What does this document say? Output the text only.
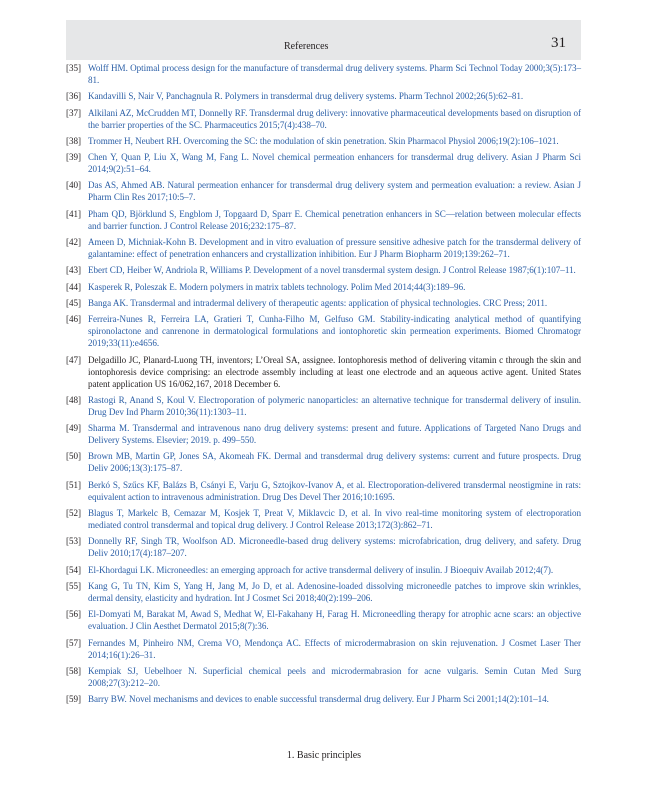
References	31
[35] Wolff HM. Optimal process design for the manufacture of transdermal drug delivery systems. Pharm Sci Technol Today 2000;3(5):173–81.
[36] Kandavilli S, Nair V, Panchagnula R. Polymers in transdermal drug delivery systems. Pharm Technol 2002;26(5):62–81.
[37] Alkilani AZ, McCrudden MT, Donnelly RF. Transdermal drug delivery: innovative pharmaceutical developments based on disruption of the barrier properties of the SC. Pharmaceutics 2015;7(4):438–70.
[38] Trommer H, Neubert RH. Overcoming the SC: the modulation of skin penetration. Skin Pharmacol Physiol 2006;19(2):106–1021.
[39] Chen Y, Quan P, Liu X, Wang M, Fang L. Novel chemical permeation enhancers for transdermal drug delivery. Asian J Pharm Sci 2014;9(2):51–64.
[40] Das AS, Ahmed AB. Natural permeation enhancer for transdermal drug delivery system and permeation evaluation: a review. Asian J Pharm Clin Res 2017;10:5–7.
[41] Pham QD, Björklund S, Engblom J, Topgaard D, Sparr E. Chemical penetration enhancers in SC—relation between molecular effects and barrier function. J Control Release 2016;232:175–87.
[42] Ameen D, Michniak-Kohn B. Development and in vitro evaluation of pressure sensitive adhesive patch for the transdermal delivery of galantamine: effect of penetration enhancers and crystallization inhibition. Eur J Pharm Biopharm 2019;139:262–71.
[43] Ebert CD, Heiber W, Andriola R, Williams P. Development of a novel transdermal system design. J Control Release 1987;6(1):107–11.
[44] Kasperek R, Poleszak E. Modern polymers in matrix tablets technology. Polim Med 2014;44(3):189–96.
[45] Banga AK. Transdermal and intradermal delivery of therapeutic agents: application of physical technologies. CRC Press; 2011.
[46] Ferreira-Nunes R, Ferreira LA, Gratieri T, Cunha-Filho M, Gelfuso GM. Stability-indicating analytical method of quantifying spironolactone and canrenone in dermatological formulations and iontophoretic skin permeation experiments. Biomed Chromatogr 2019;33(11):e4656.
[47] Delgadillo JC, Planard-Luong TH, inventors; L’Oreal SA, assignee. Iontophoresis method of delivering vitamin c through the skin and iontophoresis device comprising: an electrode assembly including at least one electrode and an aqueous active agent. United States patent application US 16/062,167, 2018 December 6.
[48] Rastogi R, Anand S, Koul V. Electroporation of polymeric nanoparticles: an alternative technique for transdermal delivery of insulin. Drug Dev Ind Pharm 2010;36(11):1303–11.
[49] Sharma M. Transdermal and intravenous nano drug delivery systems: present and future. Applications of Targeted Nano Drugs and Delivery Systems. Elsevier; 2019. p. 499–550.
[50] Brown MB, Martin GP, Jones SA, Akomeah FK. Dermal and transdermal drug delivery systems: current and future prospects. Drug Deliv 2006;13(3):175–87.
[51] Berkó S, Szűcs KF, Balázs B, Csányi E, Varju G, Sztojkov-Ivanov A, et al. Electroporation-delivered transdermal neostigmine in rats: equivalent action to intravenous administration. Drug Des Devel Ther 2016;10:1695.
[52] Blagus T, Markelc B, Cemazar M, Kosjek T, Preat V, Miklavcic D, et al. In vivo real-time monitoring system of electroporation mediated control transdermal and topical drug delivery. J Control Release 2013;172(3):862–71.
[53] Donnelly RF, Singh TR, Woolfson AD. Microneedle-based drug delivery systems: microfabrication, drug delivery, and safety. Drug Deliv 2010;17(4):187–207.
[54] El-Khordagui LK. Microneedles: an emerging approach for active transdermal delivery of insulin. J Bioequiv Availab 2012;4(7).
[55] Kang G, Tu TN, Kim S, Yang H, Jang M, Jo D, et al. Adenosine-loaded dissolving microneedle patches to improve skin wrinkles, dermal density, elasticity and hydration. Int J Cosmet Sci 2018;40(2):199–206.
[56] El-Domyati M, Barakat M, Awad S, Medhat W, El-Fakahany H, Farag H. Microneedling therapy for atrophic acne scars: an objective evaluation. J Clin Aesthet Dermatol 2015;8(7):36.
[57] Fernandes M, Pinheiro NM, Crema VO, Mendonça AC. Effects of microdermabrasion on skin rejuvenation. J Cosmet Laser Ther 2014;16(1):26–31.
[58] Kempiak SJ, Uebelhoer N. Superficial chemical peels and microdermabrasion for acne vulgaris. Semin Cutan Med Surg 2008;27(3):212–20.
[59] Barry BW. Novel mechanisms and devices to enable successful transdermal drug delivery. Eur J Pharm Sci 2001;14(2):101–14.
1. Basic principles
